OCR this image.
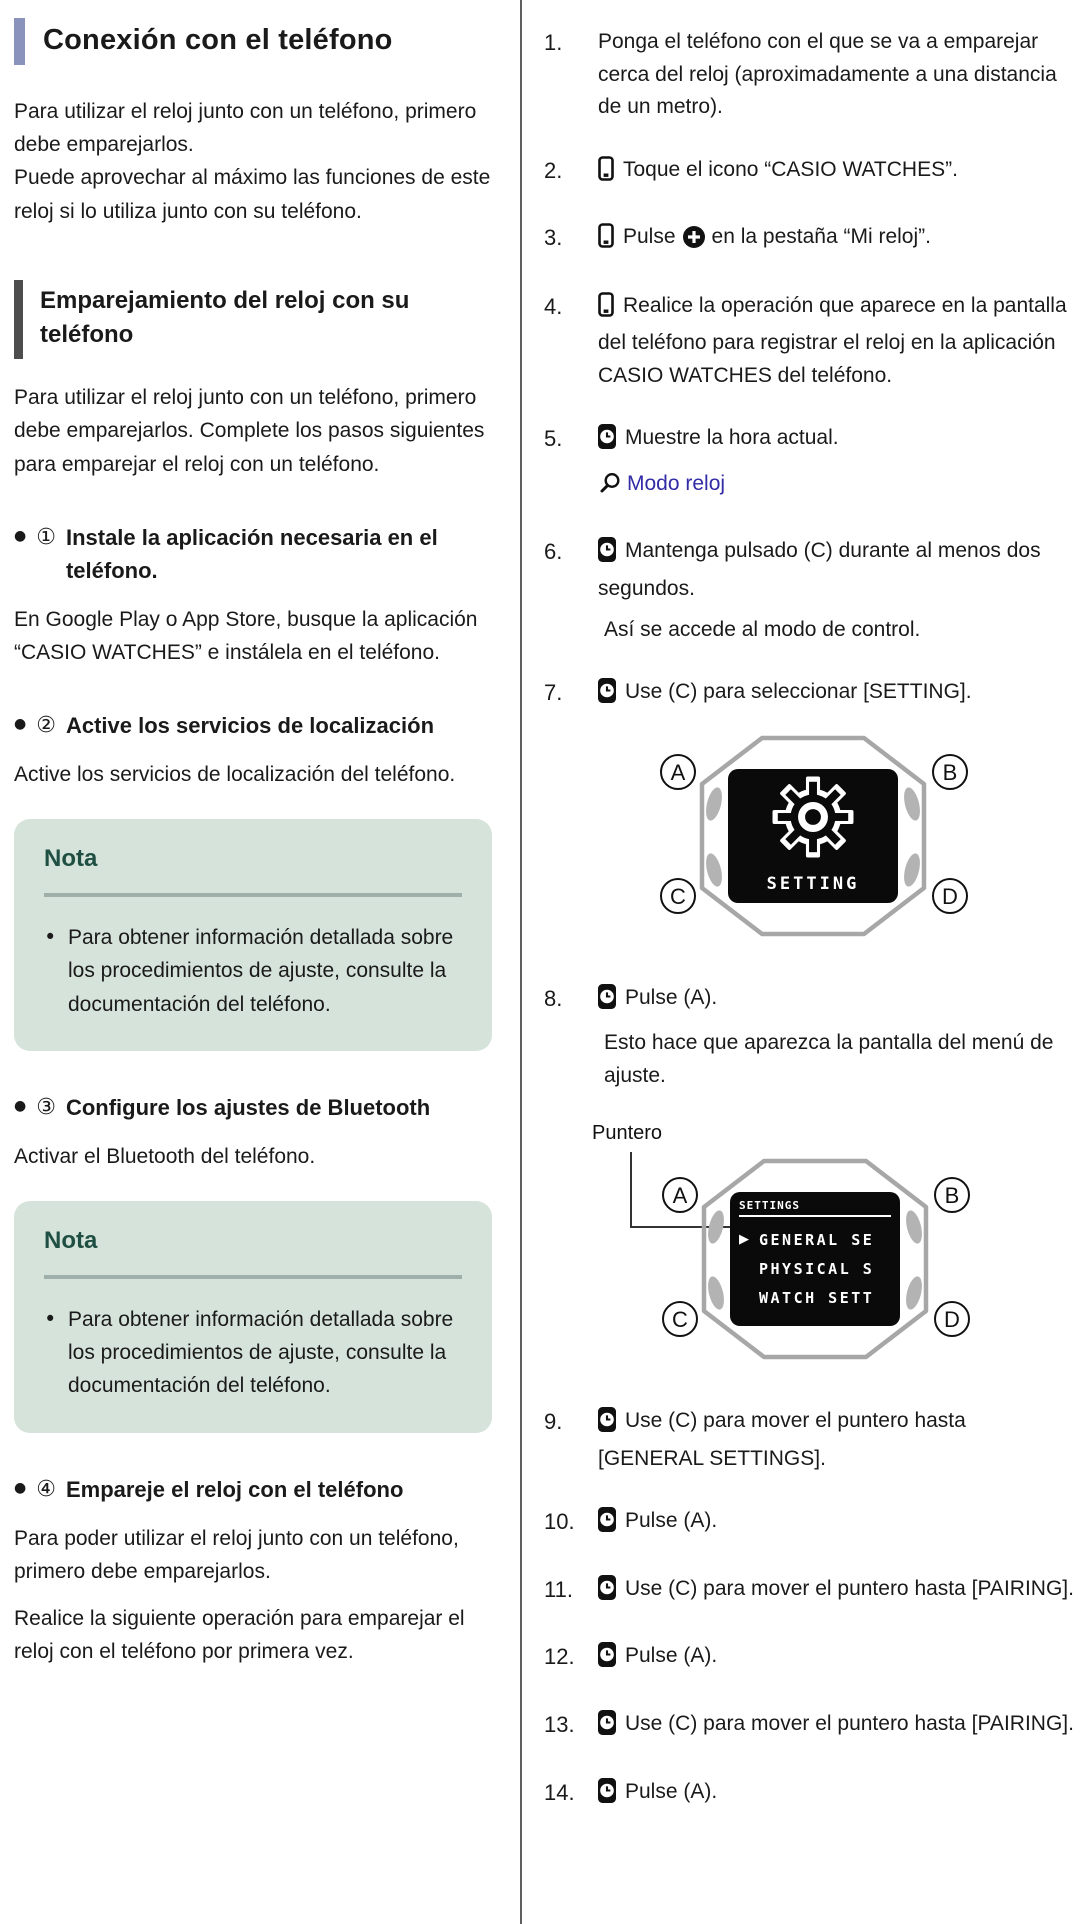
Conexión con el teléfono

Para utilizar el reloj junto con un teléfono, primero debe emparejarlos.

Puede aprovechar al máximo las funciones de este reloj si lo utiliza junto con su teléfono.

Emparejamiento del reloj con su teléfono

Para utilizar el reloj junto con un teléfono, primero debe emparejarlos. Complete los pasos siguientes para emparejar el reloj con un teléfono.

● ① Instale la aplicación necesaria en el teléfono.

En Google Play o App Store, busque la aplicación “CASIO WATCHES” e instálela en el teléfono.

● ② Active los servicios de localización

Active los servicios de localización del teléfono.

Nota
• Para obtener información detallada sobre los procedimientos de ajuste, consulte la documentación del teléfono.
● ③ Configure los ajustes de Bluetooth

Activar el Bluetooth del teléfono.

Nota
• Para obtener información detallada sobre los procedimientos de ajuste, consulte la documentación del teléfono.
● ④ Empareje el reloj con el teléfono

Para poder utilizar el reloj junto con un teléfono, primero debe emparejarlos.

Realice la siguiente operación para emparejar el reloj con el teléfono por primera vez.

1.	Ponga el teléfono con el que se va a emparejar cerca del reloj (aproximadamente a una distancia de un metro).
2.	Toque el icono “CASIO WATCHES”.
3.	Pulse en la pestaña “Mi reloj”.
4.	Realice la operación que aparece en la pantalla del teléfono para registrar el reloj en la aplicación CASIO WATCHES del teléfono.
5.	Muestre la hora actual.
Modo reloj
6.	Mantenga pulsado (C) durante al menos dos segundos.
Así se accede al modo de control.
7.	Use (C) para seleccionar [SETTING].
SETTING
A	B
C	D
8.	Pulse (A).
Esto hace que aparezca la pantalla del menú de ajuste.
Puntero
SETTINGS
▶ GENERAL SE
PHYSICAL S
WATCH SETT
A	B
C	D
9.	Use (C) para mover el puntero hasta [GENERAL SETTINGS].
10.	Pulse (A).
11.	Use (C) para mover el puntero hasta [PAIRING].
12.	Pulse (A).
13.	Use (C) para mover el puntero hasta [PAIRING].
14.	Pulse (A).
